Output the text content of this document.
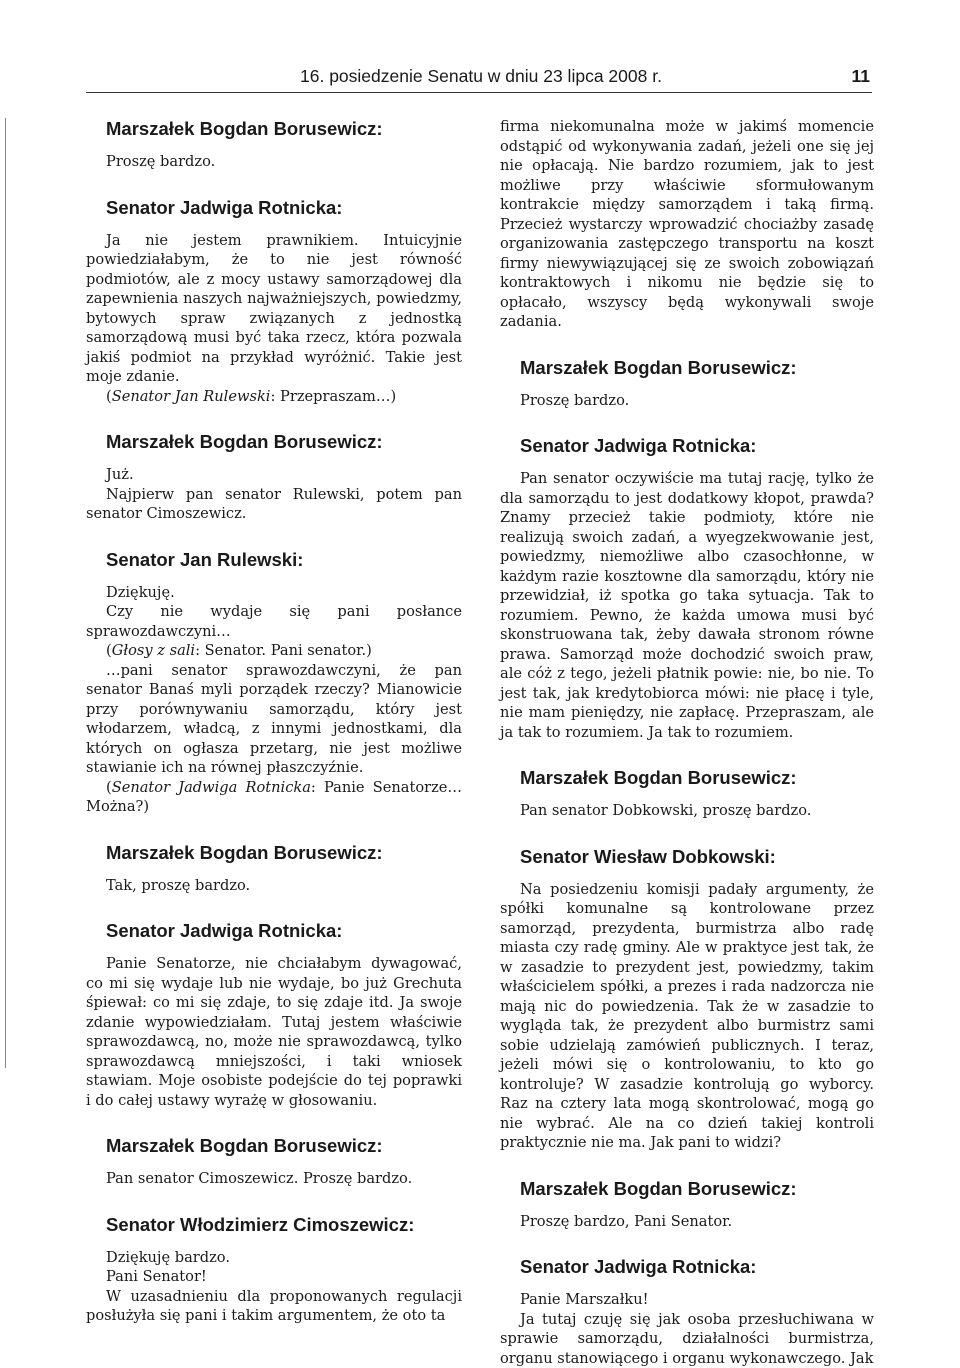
16. posiedzenie Senatu w dniu 23 lipca 2008 r.	11
Marszałek Bogdan Borusewicz:

Proszę bardzo.

Senator Jadwiga Rotnicka:

Ja nie jestem prawnikiem. Intuicyjnie powiedziałabym, że to nie jest równość podmiotów, ale z mocy ustawy samorządowej dla zapewnienia naszych najważniejszych, powiedzmy, bytowych spraw związanych z jednostką samorządową musi być taka rzecz, która pozwala jakiś podmiot na przykład wyróżnić. Takie jest moje zdanie.

(Senator Jan Rulewski: Przepraszam…)

Marszałek Bogdan Borusewicz:

Już.

Najpierw pan senator Rulewski, potem pan senator Cimoszewicz.

Senator Jan Rulewski:

Dziękuję.

Czy nie wydaje się pani posłance sprawozdawczyni…

(Głosy z sali: Senator. Pani senator.)

…pani senator sprawozdawczyni, że pan senator Banaś myli porządek rzeczy? Mianowicie przy porównywaniu samorządu, który jest włodarzem, władcą, z innymi jednostkami, dla których on ogłasza przetarg, nie jest możliwe stawianie ich na równej płaszczyźnie.

(Senator Jadwiga Rotnicka: Panie Senatorze… Można?)

Marszałek Bogdan Borusewicz:

Tak, proszę bardzo.

Senator Jadwiga Rotnicka:

Panie Senatorze, nie chciałabym dywagować, co mi się wydaje lub nie wydaje, bo już Grechuta śpiewał: co mi się zdaje, to się zdaje itd. Ja swoje zdanie wypowiedziałam. Tutaj jestem właściwie sprawozdawcą, no, może nie sprawozdawcą, tylko sprawozdawcą mniejszości, i taki wniosek stawiam. Moje osobiste podejście do tej poprawki i do całej ustawy wyrażę w głosowaniu.

Marszałek Bogdan Borusewicz:

Pan senator Cimoszewicz. Proszę bardzo.

Senator Włodzimierz Cimoszewicz:

Dziękuję bardzo.

Pani Senator!

W uzasadnieniu dla proponowanych regulacji posłużyła się pani i takim argumentem, że oto ta

firma niekomunalna może w jakimś momencie odstąpić od wykonywania zadań, jeżeli one się jej nie opłacają. Nie bardzo rozumiem, jak to jest możliwe przy właściwie sformułowanym kontrakcie między samorządem i taką firmą. Przecież wystarczy wprowadzić chociażby zasadę organizowania zastępczego transportu na koszt firmy niewywiązującej się ze swoich zobowiązań kontraktowych i nikomu nie będzie się to opłacało, wszyscy będą wykonywali swoje zadania.

Marszałek Bogdan Borusewicz:

Proszę bardzo.

Senator Jadwiga Rotnicka:

Pan senator oczywiście ma tutaj rację, tylko że dla samorządu to jest dodatkowy kłopot, prawda? Znamy przecież takie podmioty, które nie realizują swoich zadań, a wyegzekwowanie jest, powiedzmy, niemożliwe albo czasochłonne, w każdym razie kosztowne dla samorządu, który nie przewidział, iż spotka go taka sytuacja. Tak to rozumiem. Pewno, że każda umowa musi być skonstruowana tak, żeby dawała stronom równe prawa. Samorząd może dochodzić swoich praw, ale cóż z tego, jeżeli płatnik powie: nie, bo nie. To jest tak, jak kredytobiorca mówi: nie płacę i tyle, nie mam pieniędzy, nie zapłacę. Przepraszam, ale ja tak to rozumiem. Ja tak to rozumiem.

Marszałek Bogdan Borusewicz:

Pan senator Dobkowski, proszę bardzo.

Senator Wiesław Dobkowski:

Na posiedzeniu komisji padały argumenty, że spółki komunalne są kontrolowane przez samorząd, prezydenta, burmistrza albo radę miasta czy radę gminy. Ale w praktyce jest tak, że w zasadzie to prezydent jest, powiedzmy, takim właścicielem spółki, a prezes i rada nadzorcza nie mają nic do powiedzenia. Tak że w zasadzie to wygląda tak, że prezydent albo burmistrz sami sobie udzielają zamówień publicznych. I teraz, jeżeli mówi się o kontrolowaniu, to kto go kontroluje? W zasadzie kontrolują go wyborcy. Raz na cztery lata mogą skontrolować, mogą go nie wybrać. Ale na co dzień takiej kontroli praktycznie nie ma. Jak pani to widzi?

Marszałek Bogdan Borusewicz:

Proszę bardzo, Pani Senator.

Senator Jadwiga Rotnicka:

Panie Marszałku!

Ja tutaj czuję się jak osoba przesłuchiwana w sprawie samorządu, działalności burmistrza, organu stanowiącego i organu wykonawczego. Jak
